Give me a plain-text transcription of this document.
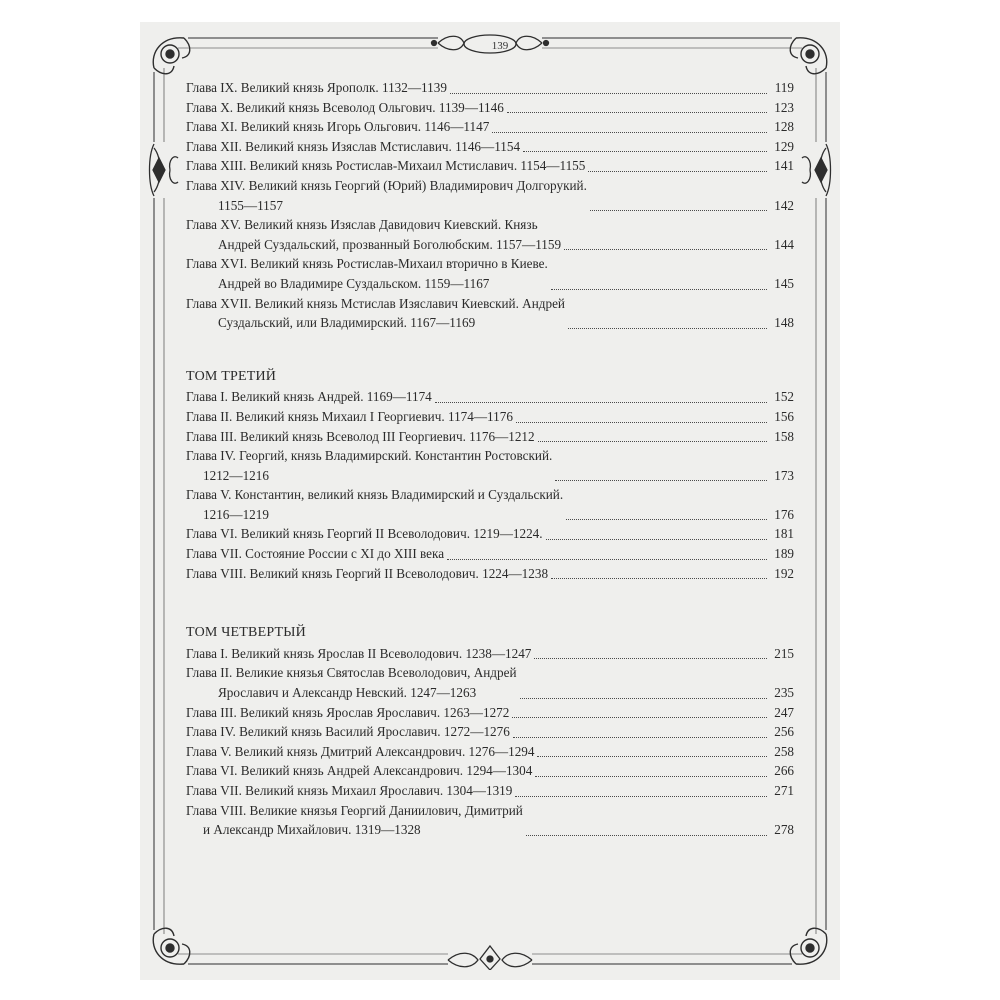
139
Глава IX. Великий князь Ярополк. 1132—1139	119
Глава X. Великий князь Всеволод Ольгович. 1139—1146	123
Глава XI. Великий князь Игорь Ольгович. 1146—1147	128
Глава XII. Великий князь Изяслав Мстиславич. 1146—1154	129
Глава XIII. Великий князь Ростислав-Михаил Мстиславич. 1154—1155	141
Глава XIV. Великий князь Георгий (Юрий) Владимирович Долгорукий.
1155—1157	142
Глава XV. Великий князь Изяслав Давидович Киевский. Князь
Андрей Суздальский, прозванный Боголюбским. 1157—1159	144
Глава XVI. Великий князь Ростислав-Михаил вторично в Киеве.
Андрей во Владимире Суздальском. 1159—1167	145
Глава XVII. Великий князь Мстислав Изяславич Киевский. Андрей
Суздальский, или Владимирский. 1167—1169	148
ТОМ ТРЕТИЙ
Глава I. Великий князь Андрей. 1169—1174	152
Глава II. Великий князь Михаил I Георгиевич. 1174—1176	156
Глава III. Великий князь Всеволод III Георгиевич. 1176—1212	158
Глава IV. Георгий, князь Владимирский. Константин Ростовский.
1212—1216	173
Глава V. Константин, великий князь Владимирский и Суздальский.
1216—1219	176
Глава VI. Великий князь Георгий II Всеволодович. 1219—1224.	181
Глава VII. Состояние России с XI до XIII века	189
Глава VIII. Великий князь Георгий II Всеволодович. 1224—1238	192
ТОМ ЧЕТВЕРТЫЙ
Глава I. Великий князь Ярослав II Всеволодович. 1238—1247	215
Глава II. Великие князья Святослав Всеволодович, Андрей
Ярославич и Александр Невский. 1247—1263	235
Глава III. Великий князь Ярослав Ярославич. 1263—1272	247
Глава IV. Великий князь Василий Ярославич. 1272—1276	256
Глава V. Великий князь Дмитрий Александрович. 1276—1294	258
Глава VI. Великий князь Андрей Александрович. 1294—1304	266
Глава VII. Великий князь Михаил Ярославич. 1304—1319	271
Глава VIII. Великие князья Георгий Даниилович, Димитрий
и Александр Михайлович. 1319—1328	278
